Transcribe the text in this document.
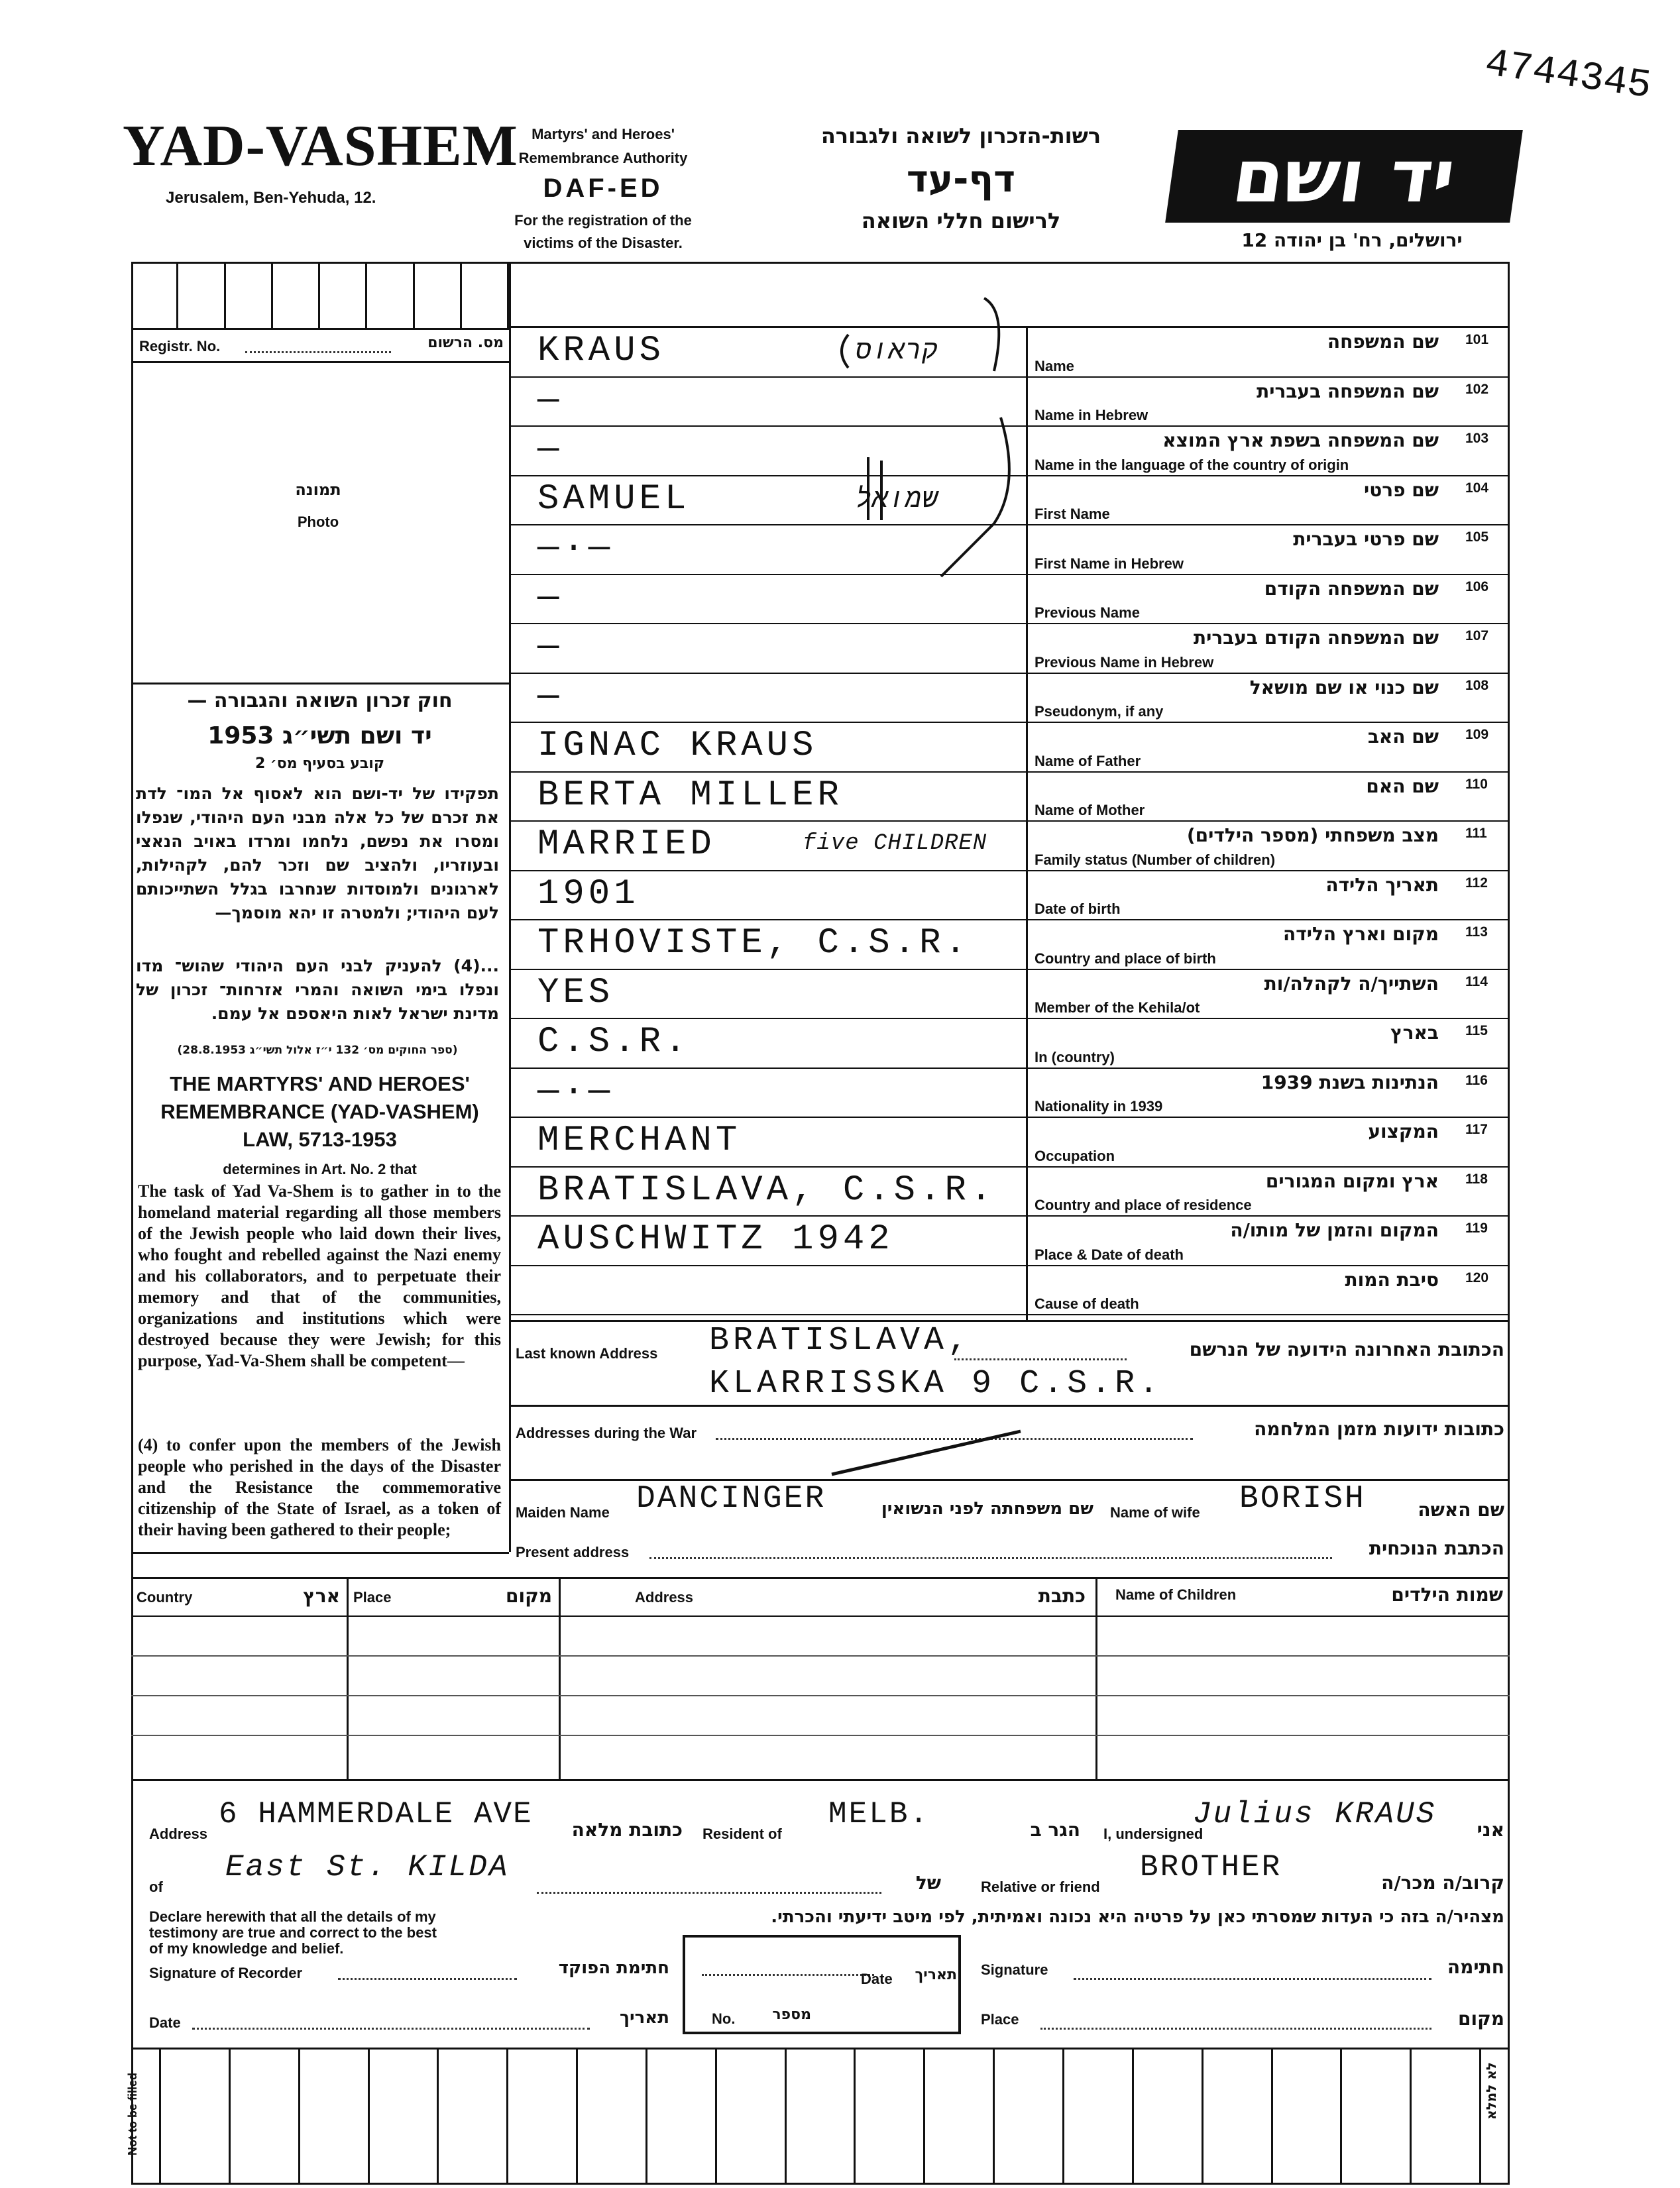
4744345
YAD-VASHEM
Jerusalem, Ben-Yehuda, 12.
Martyrs' and Heroes'
Remembrance Authority
DAF-ED
For the registration of the
victims of the Disaster.
רשות-הזכרון לשואה ולגבורה
דף-עד
לרישום חללי השואה
יד ושם
ירושלים, רח' בן יהודה 12
Registr. No.	מס. הרשום
תמונה
Photo
חוק זכרון השואה והגבורה —
יד ושם תשי״ג 1953
קובע בסעיף מס׳ 2
תפקידו של יד-ושם הוא לאסוף אל המו־ לדת את זכרם של כל אלה מבני העם היהודי, שנפלו ומסרו את נפשם, נלחמו ומרדו באויב הנאצי ובעוזריו, ולהציב שם וזכר להם, לקהילות, לארגונים ולמוסדות שנחרבו בגלל השתייכותם לעם היהודי; ולמטרה זו יהא מוסמך—
...(4) להעניק לבני העם היהודי שהוש־ מדו ונפלו בימי השואה והמרי אזרחות־ זכרון של מדינת ישראל לאות היאספם אל עמם.
(ספר החוקים מס׳ 132 י״ז אלול תשי״ג 28.8.1953)
THE MARTYRS' AND HEROES'
REMEMBRANCE (YAD-VASHEM)
LAW, 5713-1953
determines in Art. No. 2 that
The task of Yad Va-Shem is to gather in to the homeland material regarding all those members of the Jewish people who laid down their lives, who fought and rebelled against the Nazi enemy and his collaborators, and to perpetuate their memory and that of the communities, organizations and institutions which were destroyed because they were Jewish; for this purpose, Yad-Va-Shem shall be competent—
(4) to confer upon the members of the Jewish people who perished in the days of the Disaster and the Resistance the commemorative citizenship of the State of Israel, as a token of their having been gathered to their people;
KRAUS	קראוס	שם המשפחה 101
Name
—	שם המשפחה בעברית 102
Name in Hebrew
—	שם המשפחה בשפת ארץ המוצא 103
Name in the language of the country of origin
SAMUEL	שמואל	שם פרטי 104
First Name
—·—	שם פרטי בעברית 105
First Name in Hebrew
—	שם המשפחה הקודם 106
Previous Name
—	שם המשפחה הקודם בעברית 107
Previous Name in Hebrew
—	שם כנוי או שם מושאל 108
Pseudonym, if any
IGNAC KRAUS	שם האב 109
Name of Father
BERTA MILLER	שם האם 110
Name of Mother
MARRIED	five CHILDREN	מצב משפחתי (מספר הילדים) 111
Family status (Number of children)
1901	תאריך הלידה 112
Date of birth
TRHOVISTE, C.S.R.	מקום וארץ הלידה 113
Country and place of birth
YES	השתייך/ה לקהלה/ות 114
Member of the Kehila/ot
C.S.R.	בארץ 115
In (country)
—·—	הנתינות בשנת 1939 116
Nationality in 1939
MERCHANT	המקצוע 117
Occupation
BRATISLAVA, C.S.R.	ארץ ומקום המגורים 118
Country and place of residence
AUSCHWITZ 1942	המקום והזמן של מותו/ה 119
Place & Date of death
סיבת המות 120
Cause of death
Last known Address BRATISLAVA,	הכתובת האחרונה הידועה של הנרשם
KLARRISSKA 9 C.S.R.
Addresses during the War	כתובות ידועות מזמן המלחמה
Maiden Name DANCINGER	שם משפחתה לפני הנשואין Name of wife BORISH	שם האשה
Present address	הכתבת הנוכחית
Country	ארץ Place	מקום	Address	כתבת Name of Children	שמות הילדים
Address
6 HAMMERDALE AVE כתובת מלאה Resident of
MELB.	הגר ב I, undersigned
Julius KRAUS	אני
of
East St. KILDA	של	Relative or friend
BROTHER	קרוב/ה מכר/ה
Declare herewith that all the details of my
testimony are true and correct to the best
of my knowledge and belief.
מצהיר/ה בזה כי העדות שמסרתי כאן על פרטיה היא נכונה ואמיתית, לפי מיטב ידיעתי והכרתי.
Signature of Recorder	חתימת הפוקד
Date	תאריך
No.	מספר
Signature	חתימה
Date	תאריך	Place	מקום
Not to be filled	לא למלא
